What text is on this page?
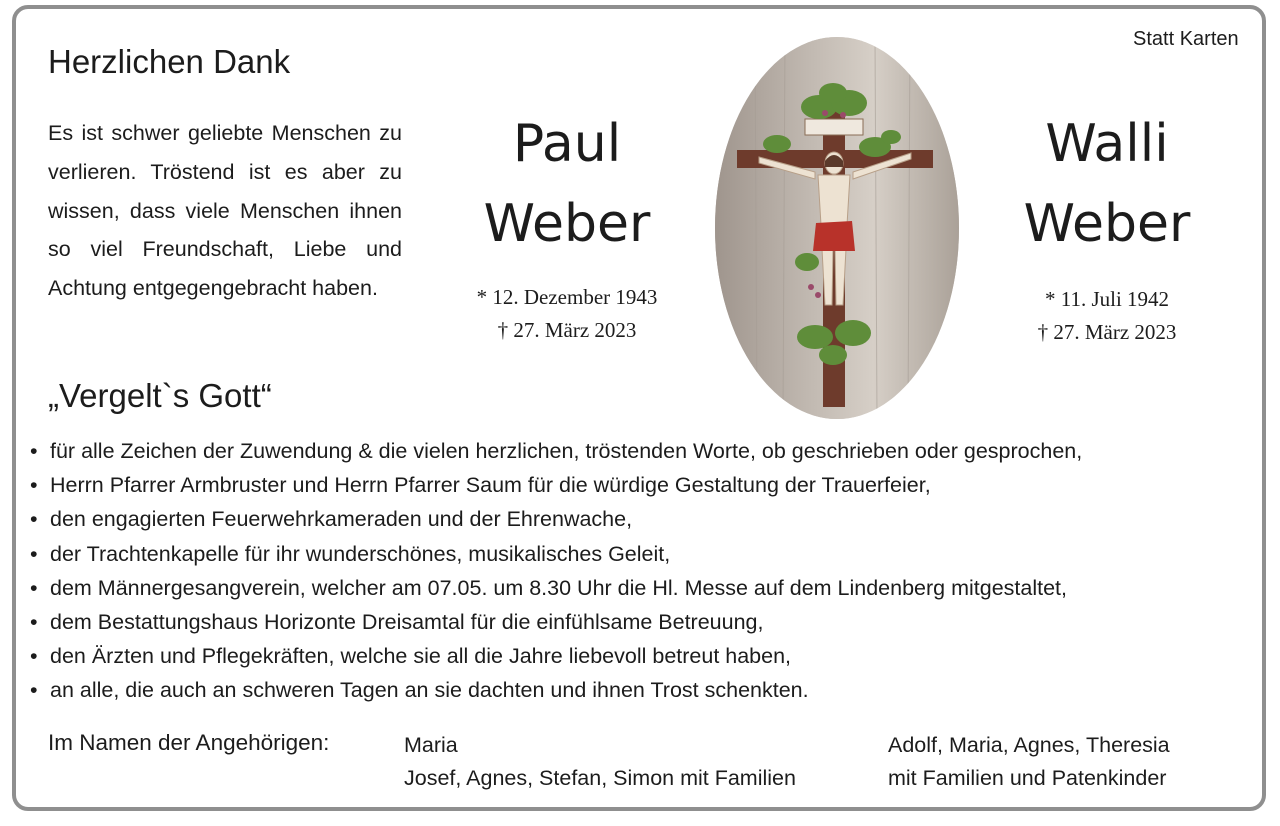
Statt Karten
Herzlichen Dank

Es ist schwer geliebte Menschen zu verlieren. Tröstend ist es aber zu wissen, dass viele Menschen ihnen so viel Freundschaft, Liebe und Achtung entgegengebracht haben.

Paul
Weber
* 12. Dezember 1943
† 27. März 2023
Walli
Weber
* 11. Juli 1942
† 27. März 2023
„Vergelt`s Gott“
• für alle Zeichen der Zuwendung & die vielen herzlichen, tröstenden Worte, ob geschrieben oder gesprochen,
• Herrn Pfarrer Armbruster und Herrn Pfarrer Saum für die würdige Gestaltung der Trauerfeier,
• den engagierten Feuerwehrkameraden und der Ehrenwache,
• der Trachtenkapelle für ihr wunderschönes, musikalisches Geleit,
• dem Männergesangverein, welcher am 07.05. um 8.30 Uhr die Hl. Messe auf dem Lindenberg mitgestaltet,
• dem Bestattungshaus Horizonte Dreisamtal für die einfühlsame Betreuung,
• den Ärzten und Pflegekräften, welche sie all die Jahre liebevoll betreut haben,
• an alle, die auch an schweren Tagen an sie dachten und ihnen Trost schenkten.
Im Namen der Angehörigen:	Maria
Josef, Agnes, Stefan, Simon mit Familien
Adolf, Maria, Agnes, Theresia
mit Familien und Patenkinder
